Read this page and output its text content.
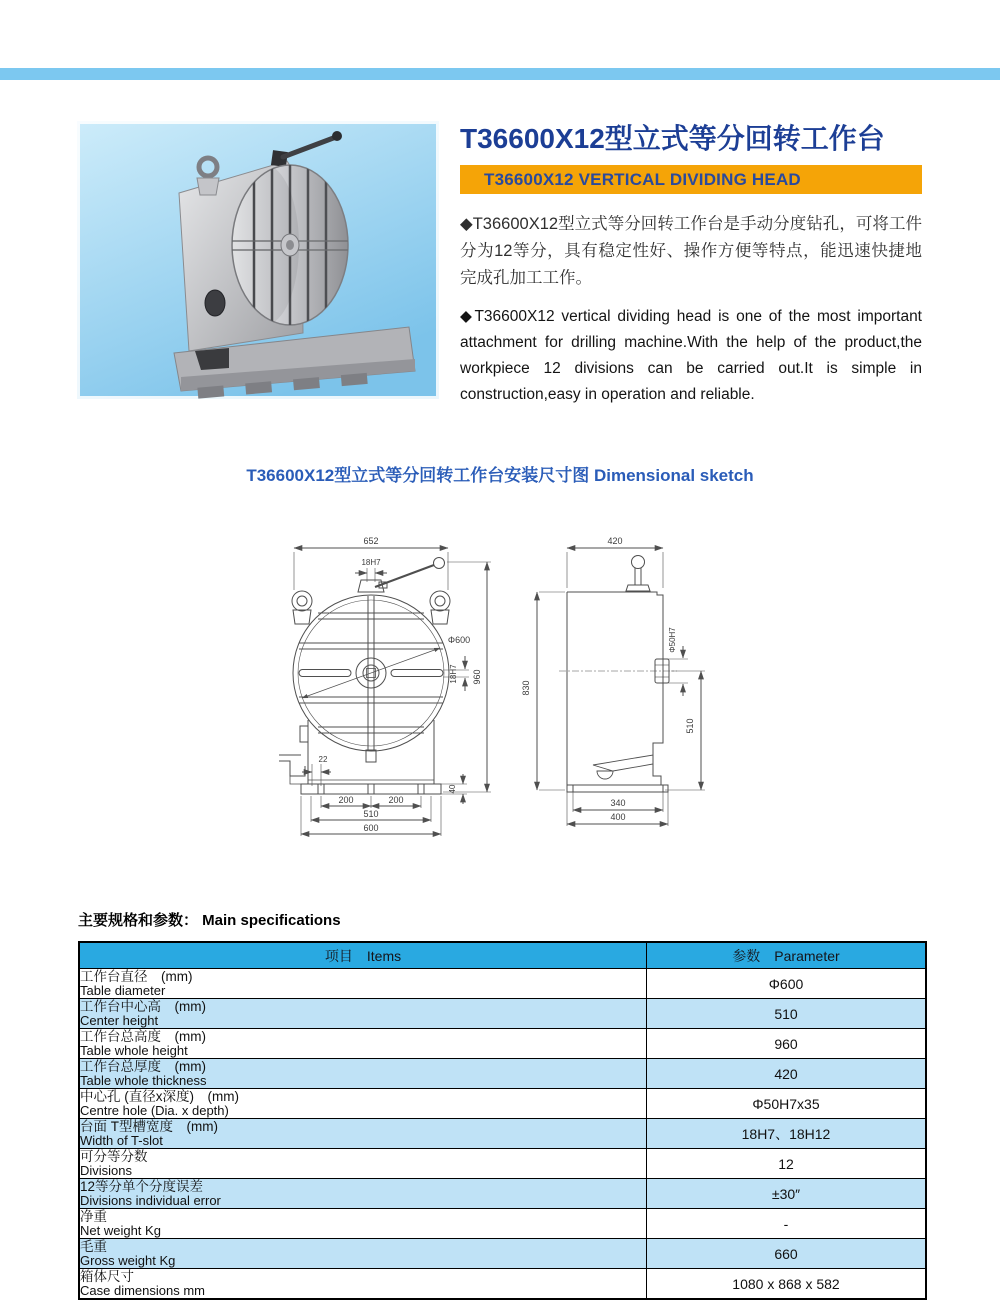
T36600X12型立式等分回转工作台
T36600X12 VERTICAL DIVIDING HEAD

◆T36600X12型立式等分回转工作台是手动分度钻孔，可将工件分为12等分，具有稳定性好、操作方便等特点，能迅速快捷地完成孔加工工作。

◆T36600X12 vertical dividing head is one of the most important attachment for drilling machine.With the help of the product,the workpiece 12 divisions can be carried out.It is simple in construction,easy in operation and reliable.

T36600X12型立式等分回转工作台安装尺寸图 Dimensional sketch
652
18H7
Φ600
18H7 960
22
40
200	200
510
600
420
830
Φ50H7
510
340
400
主要规格和参数： Main specifications
项目　Items	参数　Parameter

工作台直径　(mm)
Table diameter	Φ600

工作台中心高　(mm)
Center height	510

工作台总高度　(mm)
Table whole height	960

工作台总厚度　(mm)
Table whole thickness	420

中心孔 (直径x深度)　(mm)
Centre hole (Dia. x depth)	Φ50H7x35

台面 T型槽宽度　(mm)
Width of T-slot	18H7、18H12

可分等分数
Divisions	12

12等分单个分度误差
Divisions individual error	±30″

净重
Net weight Kg	-

毛重
Gross weight Kg	660

箱体尺寸
Case dimensions mm	1080 x 868 x 582
